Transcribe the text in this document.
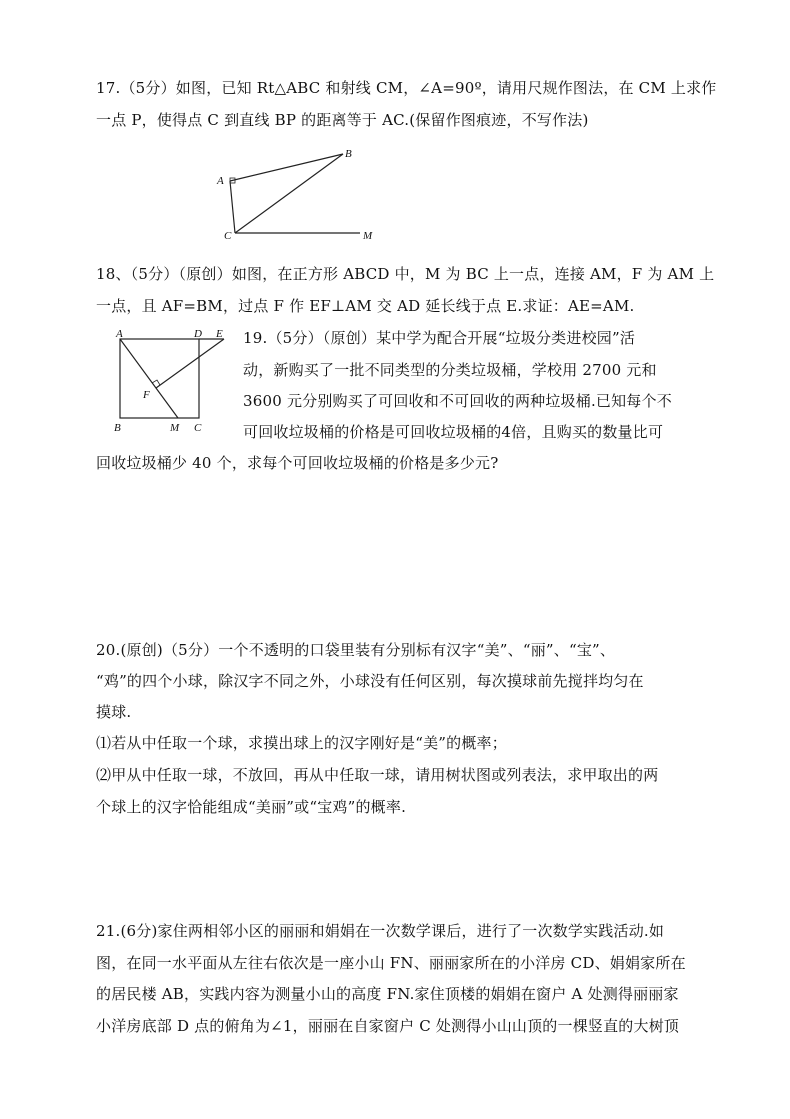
17.（5分）如图，已知 Rt△ABC 和射线 CM，∠A=90º，请用尺规作图法，在 CM 上求作
一点 P，使得点 C 到直线 BP 的距离等于 AC.(保留作图痕迹，不写作法)
A
B
C	M
18、（5分）（原创）如图，在正方形 ABCD 中，M 为 BC 上一点，连接 AM，F 为 AM 上
一点，且 AF=BM，过点 F 作 EF⊥AM 交 AD 延长线于点 E.求证：AE=AM.
A	D E
F
B	M C
19.（5分）（原创）某中学为配合开展“垃圾分类进校园”活
动，新购买了一批不同类型的分类垃圾桶，学校用 2700 元和
3600 元分别购买了可回收和不可回收的两种垃圾桶.已知每个不
可回收垃圾桶的价格是可回收垃圾桶的4倍，且购买的数量比可
回收垃圾桶少 40 个，求每个可回收垃圾桶的价格是多少元?
20.(原创)（5分）一个不透明的口袋里装有分别标有汉字“美”、“丽”、“宝”、
“鸡”的四个小球，除汉字不同之外，小球没有任何区别，每次摸球前先搅拌均匀在
摸球.
⑴若从中任取一个球，求摸出球上的汉字刚好是“美”的概率；
⑵甲从中任取一球，不放回，再从中任取一球，请用树状图或列表法，求甲取出的两
个球上的汉字恰能组成“美丽”或“宝鸡”的概率.
21.(6分)家住两相邻小区的丽丽和娟娟在一次数学课后，进行了一次数学实践活动.如
图，在同一水平面从左往右依次是一座小山 FN、丽丽家所在的小洋房 CD、娟娟家所在
的居民楼 AB，实践内容为测量小山的高度 FN.家住顶楼的娟娟在窗户 A 处测得丽丽家
小洋房底部 D 点的俯角为∠1，丽丽在自家窗户 C 处测得小山山顶的一棵竖直的大树顶
